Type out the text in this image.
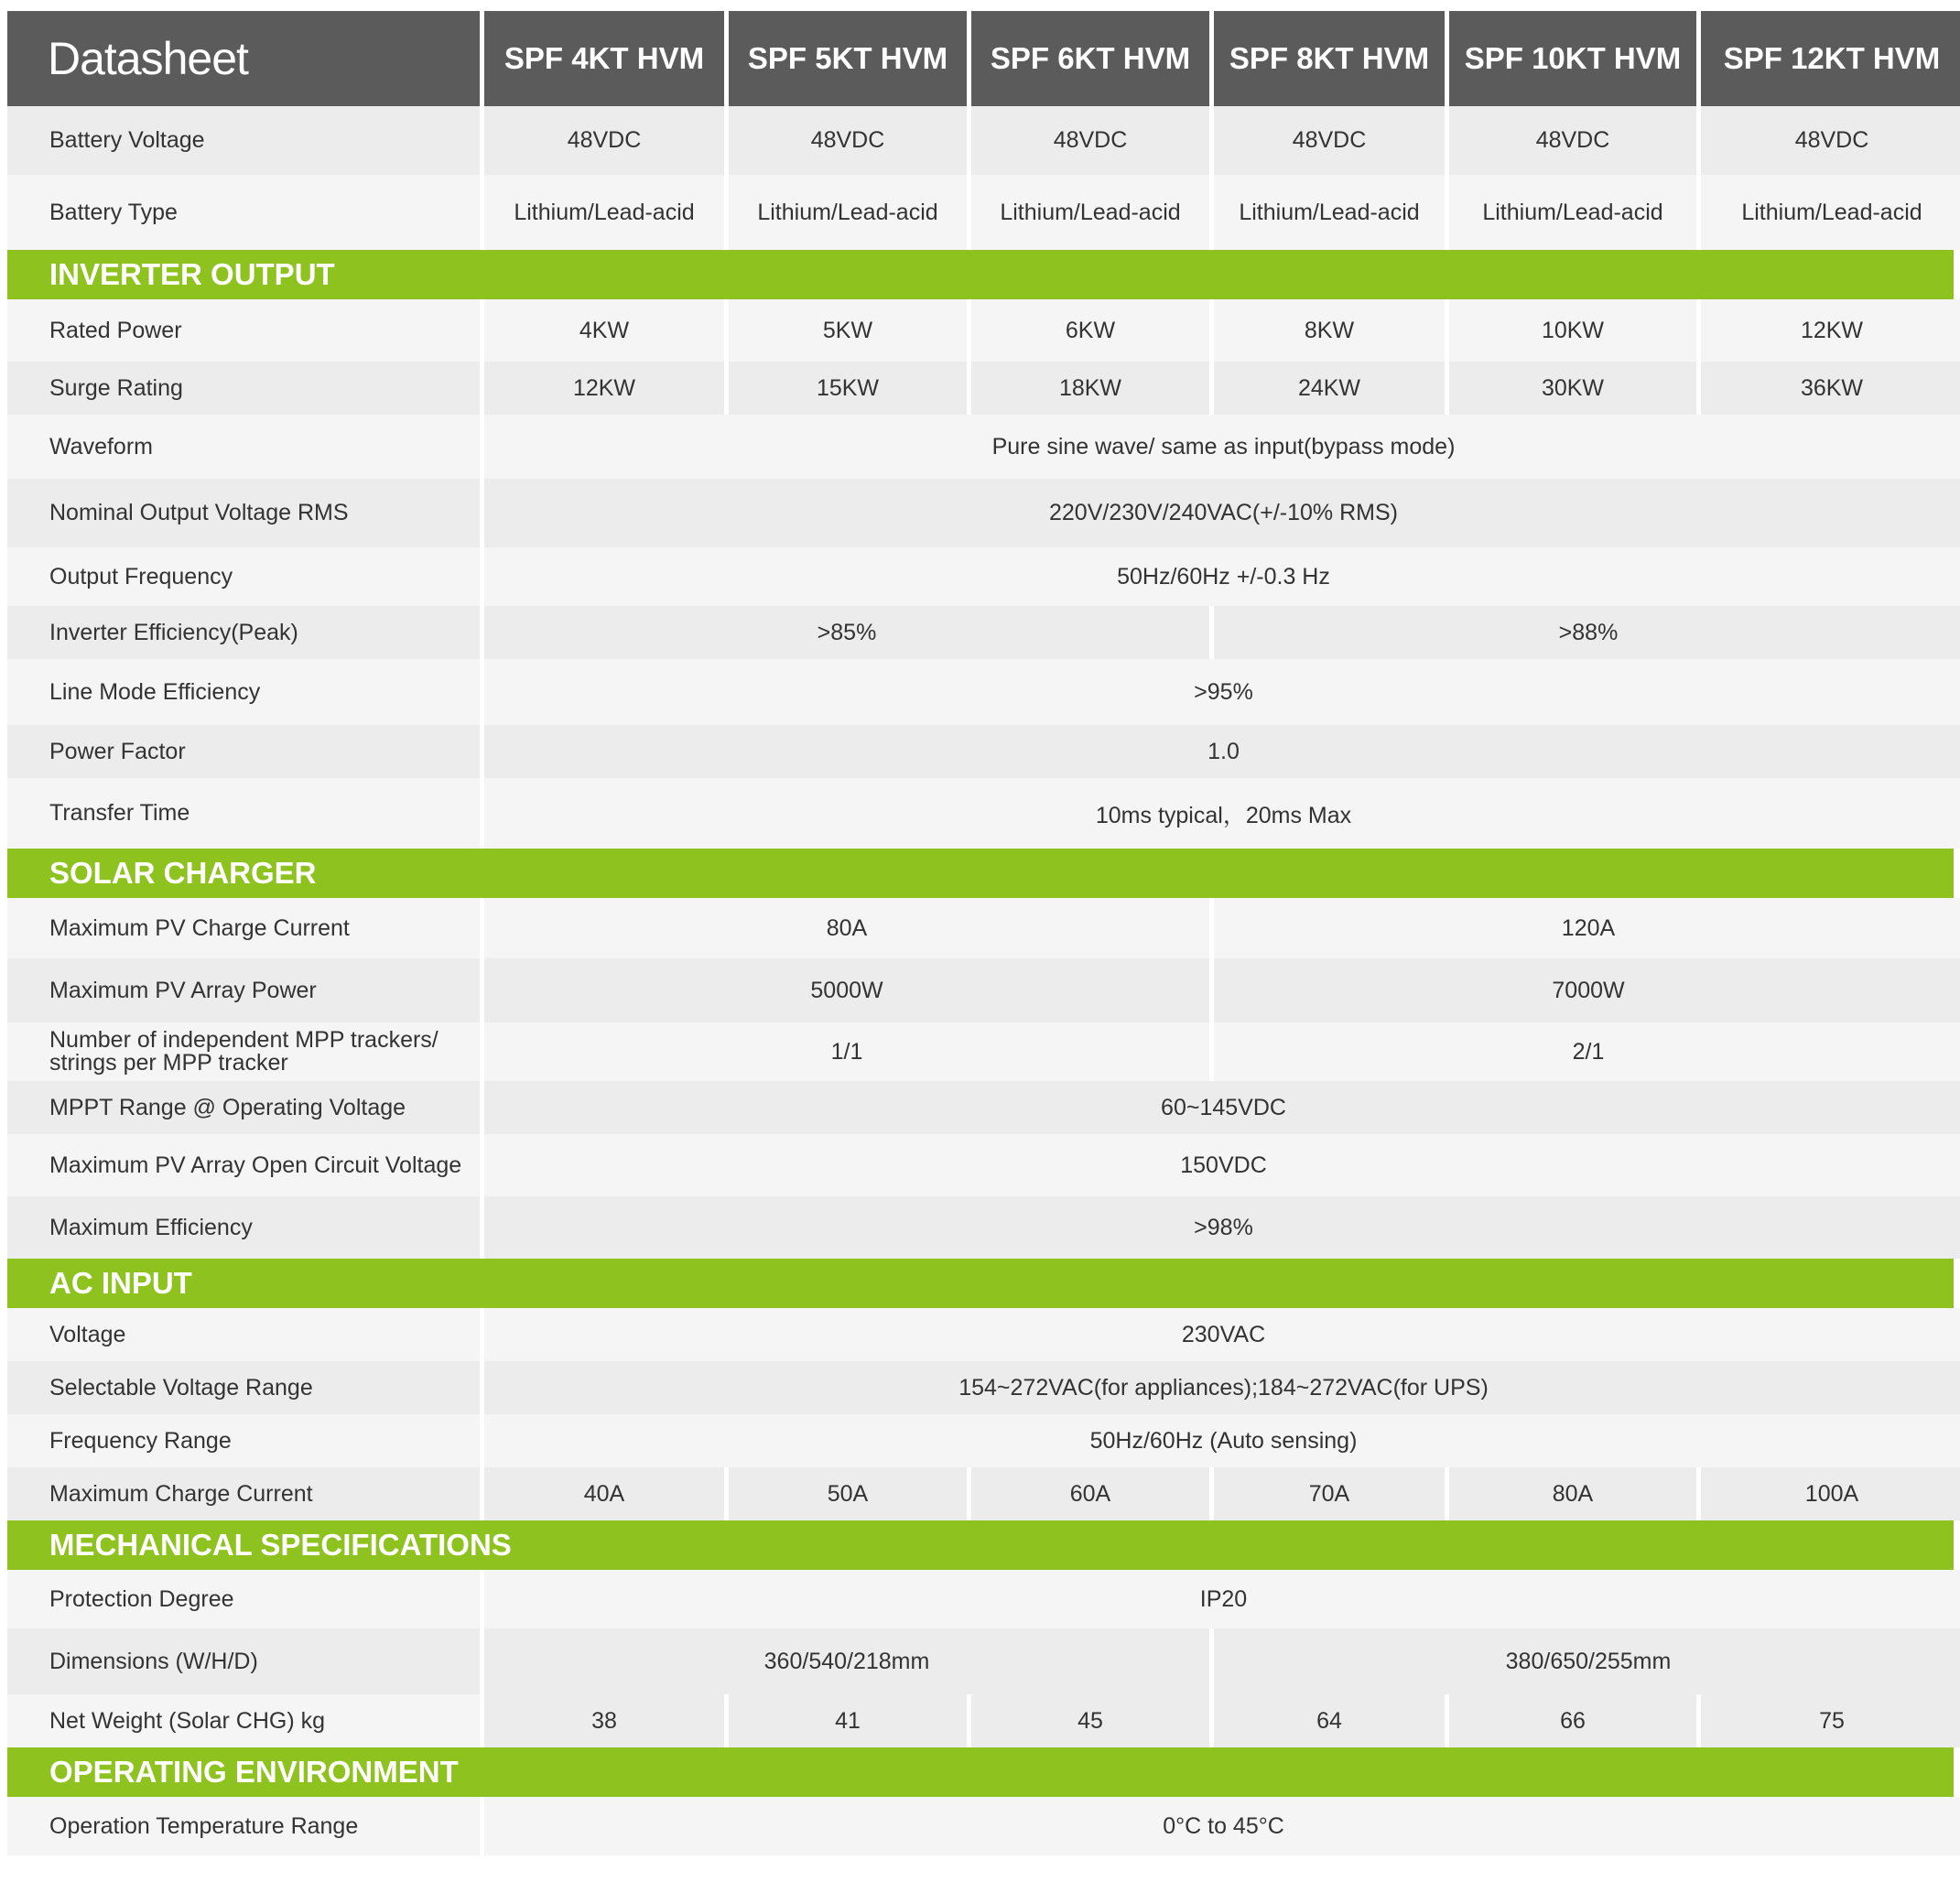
Datasheet	SPF 4KT HVM	SPF 5KT HVM	SPF 6KT HVM	SPF 8KT HVM	SPF 10KT HVM	SPF 12KT HVM
Battery Voltage	48VDC	48VDC	48VDC	48VDC	48VDC	48VDC
Battery Type	Lithium/Lead-acid	Lithium/Lead-acid	Lithium/Lead-acid	Lithium/Lead-acid	Lithium/Lead-acid	Lithium/Lead-acid
INVERTER OUTPUT
Rated Power	4KW	5KW	6KW	8KW	10KW	12KW
Surge Rating	12KW	15KW	18KW	24KW	30KW	36KW
Waveform	Pure sine wave/ same as input(bypass mode)
Nominal Output Voltage RMS	220V/230V/240VAC(+/-10% RMS)
Output Frequency	50Hz/60Hz +/-0.3 Hz
Inverter Efficiency(Peak)	>85%	>88%
Line Mode Efficiency	>95%
Power Factor	1.0
Transfer Time	10ms typical，20ms Max
SOLAR CHARGER
Maximum PV Charge Current	80A	120A
Maximum PV Array Power	5000W	7000W
Number of independent MPP trackers/
strings per MPP tracker	1/1	2/1
MPPT Range @ Operating Voltage	60~145VDC
Maximum PV Array Open Circuit Voltage	150VDC
Maximum Efficiency	>98%
AC INPUT
Voltage	230VAC
Selectable Voltage Range	154~272VAC(for appliances);184~272VAC(for UPS)
Frequency Range	50Hz/60Hz (Auto sensing)
Maximum Charge Current	40A	50A	60A	70A	80A	100A
MECHANICAL SPECIFICATIONS
Protection Degree	IP20
Dimensions (W/H/D)	360/540/218mm	380/650/255mm
Net Weight (Solar CHG) kg	38	41	45	64	66	75
OPERATING ENVIRONMENT
Operation Temperature Range	0°C to 45°C
